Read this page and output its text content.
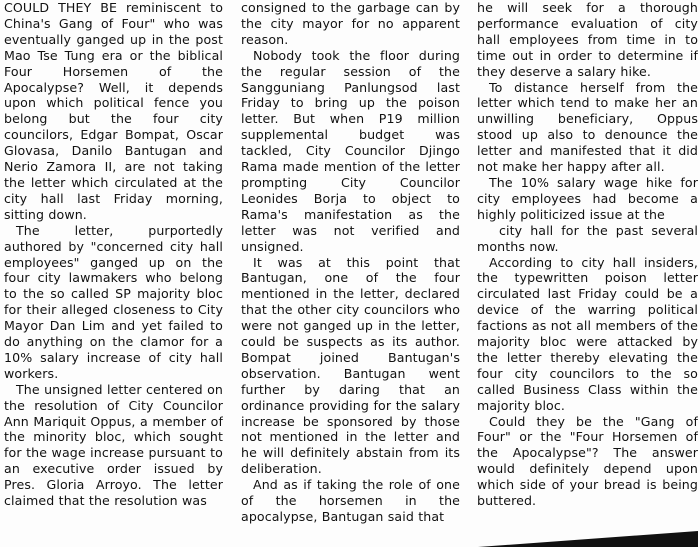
COULD THEY BE reminiscent to China's Gang of Four" who was eventually ganged up in the post Mao Tse Tung era or the biblical Four Horsemen of the Apocalypse? Well, it depends upon which political fence you belong but the four city councilors, Edgar Bompat, Oscar Glovasa, Danilo Bantugan and Nerio Zamora II, are not taking the letter which circulated at the city hall last Friday morning, sitting down.

The letter, purportedly authored by "concerned city hall employees" ganged up on the four city lawmakers who belong to the so called SP majority bloc for their alleged closeness to City Mayor Dan Lim and yet failed to do anything on the clamor for a 10% salary increase of city hall workers.

The unsigned letter centered on the resolution of City Councilor Ann Mariquit Oppus, a member of the minority bloc, which sought for the wage increase pursuant to an executive order issued by Pres. Gloria Arroyo. The letter claimed that the resolution was

consigned to the garbage can by the city mayor for no apparent reason.

Nobody took the floor during the regular session of the Sangguniang Panlungsod last Friday to bring up the poison letter. But when P19 million supplemental budget was tackled, City Councilor Djingo Rama made mention of the letter prompting City Councilor Leonides Borja to object to Rama's manifestation as the letter was not verified and unsigned.

It was at this point that Bantugan, one of the four mentioned in the letter, declared that the other city councilors who were not ganged up in the letter, could be suspects as its author. Bompat joined Bantugan's observation. Bantugan went further by daring that an ordinance providing for the salary increase be sponsored by those not mentioned in the letter and he will definitely abstain from its deliberation.

And as if taking the role of one of the horsemen in the apocalypse, Bantugan said that

he will seek for a thorough performance evaluation of city hall employees from time in to time out in order to determine if they deserve a salary hike.

To distance herself from the letter which tend to make her an unwilling beneficiary, Oppus stood up also to denounce the letter and manifested that it did not make her happy after all.

The 10% salary wage hike for city employees had become a highly politicized issue at the

city hall for the past several months now.

According to city hall insiders, the typewritten poison letter circulated last Friday could be a device of the warring political factions as not all members of the majority bloc were attacked by the letter thereby elevating the four city councilors to the so called Business Class within the majority bloc.

Could they be the "Gang of Four" or the "Four Horsemen of the Apocalypse"? The answer would definitely depend upon which side of your bread is being buttered.
